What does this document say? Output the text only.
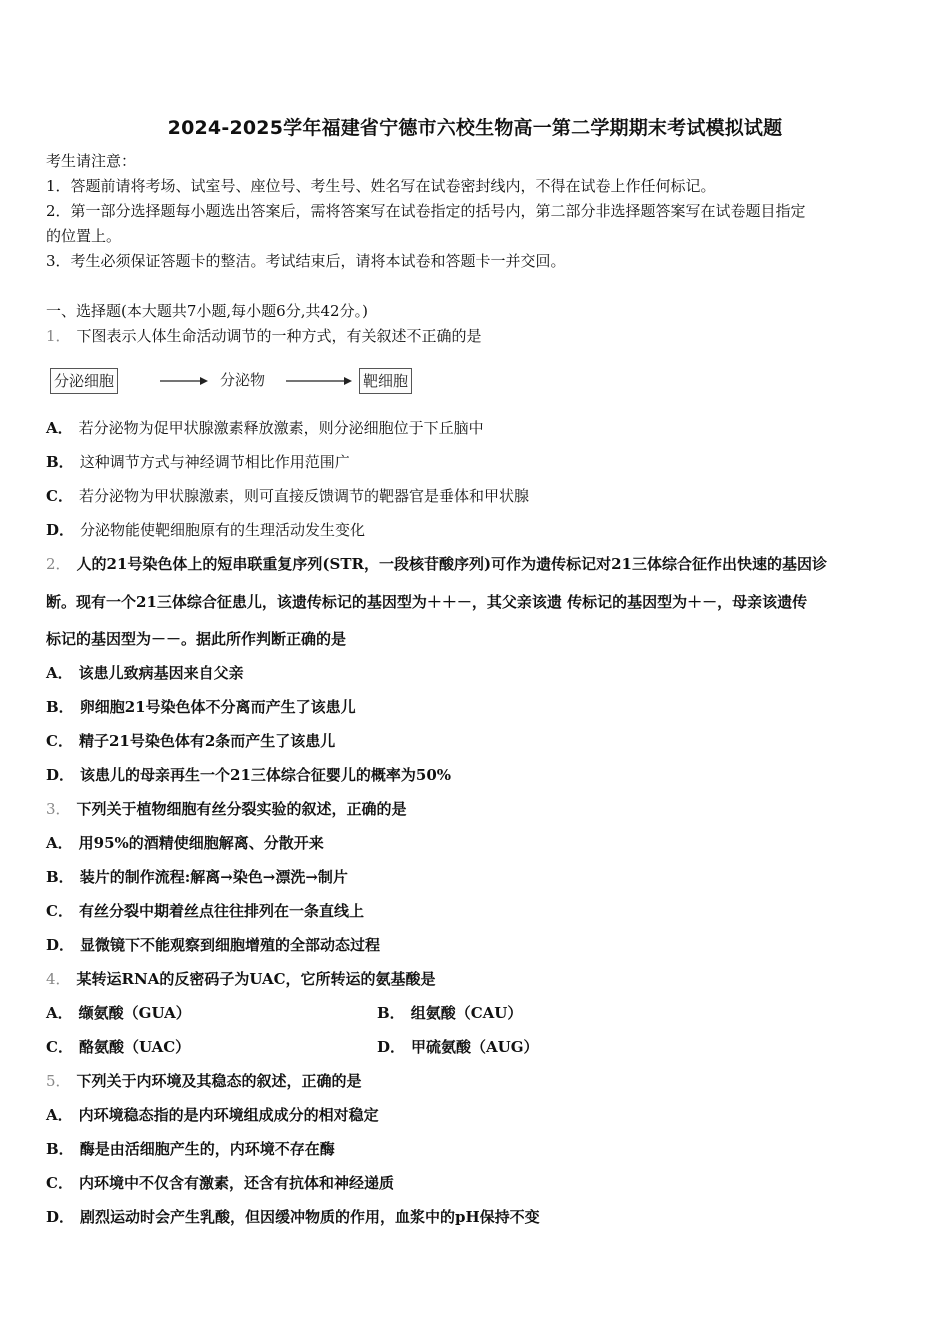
2024-2025学年福建省宁德市六校生物高一第二学期期末考试模拟试题
考生请注意：
1．答题前请将考场、试室号、座位号、考生号、姓名写在试卷密封线内，不得在试卷上作任何标记。
2．第一部分选择题每小题选出答案后，需将答案写在试卷指定的括号内，第二部分非选择题答案写在试卷题目指定
的位置上。
3．考生必须保证答题卡的整洁。考试结束后，请将本试卷和答题卡一并交回。
一、选择题(本大题共7小题,每小题6分,共42分。)
1． 下图表示人体生命活动调节的一种方式，有关叙述不正确的是
分泌细胞	分泌物	靶细胞
A． 若分泌物为促甲状腺激素释放激素，则分泌细胞位于下丘脑中
B． 这种调节方式与神经调节相比作用范围广
C． 若分泌物为甲状腺激素，则可直接反馈调节的靶器官是垂体和甲状腺
D． 分泌物能使靶细胞原有的生理活动发生变化
2． 人的21号染色体上的短串联重复序列(STR，一段核苷酸序列)可作为遗传标记对21三体综合征作出快速的基因诊
断。现有一个21三体综合征患儿，该遗传标记的基因型为＋＋－，其父亲该遗 传标记的基因型为＋－，母亲该遗传
标记的基因型为－－。据此所作判断正确的是
A． 该患儿致病基因来自父亲
B． 卵细胞21号染色体不分离而产生了该患儿
C． 精子21号染色体有2条而产生了该患儿
D． 该患儿的母亲再生一个21三体综合征婴儿的概率为50%
3． 下列关于植物细胞有丝分裂实验的叙述，正确的是
A． 用95%的酒精使细胞解离、分散开来
B． 装片的制作流程:解离→染色→漂洗→制片
C． 有丝分裂中期着丝点往往排列在一条直线上
D． 显微镜下不能观察到细胞增殖的全部动态过程
4． 某转运RNA的反密码子为UAC，它所转运的氨基酸是
A． 缬氨酸（GUA）	B． 组氨酸（CAU）
C． 酪氨酸（UAC）	D． 甲硫氨酸（AUG）
5． 下列关于内环境及其稳态的叙述，正确的是
A． 内环境稳态指的是内环境组成成分的相对稳定
B． 酶是由活细胞产生的，内环境不存在酶
C． 内环境中不仅含有激素，还含有抗体和神经递质
D． 剧烈运动时会产生乳酸，但因缓冲物质的作用，血浆中的pH保持不变
